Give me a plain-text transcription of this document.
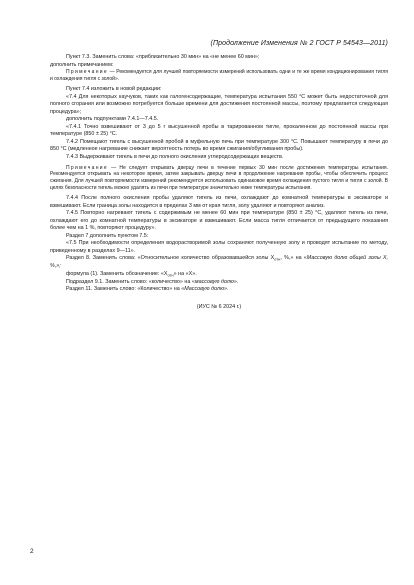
(Продолжение Изменения № 2 ГОСТ Р 54543—2011)

Пункт 7.3. Заменить слова: «приблизительно 30 мин» на «не менее 60 мин»;

дополнить примечанием:

Примечание — Рекомендуется для лучшей повторяемости измерений использовать одни и те же время кондиционирования тигля и охлаждения тигля с золой».

Пункт 7.4 изложить в новой редакции:

«7.4 Для некоторых каучуков, таких как галогенсодержащие, температура испытания 550 °С может быть недостаточной для полного сгорания или возможно потребуется больше времени для достижения постоянной массы, поэтому предлагается следующая процедура»;

дополнить подпунктами 7.4.1—7.4.5.

«7.4.1 Точно взвешивают от 3 до 5 г высушенной пробы в тарированном тигле, прокаленном до постоянной массы при температуре (850 ± 25) °С.

7.4.2 Помещают тигель с высушенной пробой в муфельную печь при температуре 300 °С. Повышают температуру в печи до 850 °С (медленное нагревание снижает вероятность потерь во время сжигания/обугливания пробы).

7.4.3 Выдерживают тигель в печи до полного окисления углеродсодержащих веществ.

Примечание — Не следует открывать дверцу печи в течение первых 30 мин после достижения температуры испытания. Рекомендуется открывать на некоторое время, затем закрывать дверцу печи в продолжение нагревания пробы, чтобы обеспечить процесс сжигания. Для лучшей повторяемости измерений рекомендуется использовать одинаковое время охлаждения пустого тигля и тигля с золой. В целях безопасности тигель можно удалять из печи при температуре значительно ниже температуры испытания.

7.4.4 После полного окисления пробы удаляют тигель из печи, охлаждают до комнатной температуры в эксикаторе и взвешивают. Если граница золы находится в пределах 3 мм от края тигля, золу удаляют и повторяют анализ.

7.4.5 Повторно нагревают тигель с содержимым не менее 60 мин при температуре (850 ± 25) °С, удаляют тигель из печи, охлаждают его до комнатной температуры в эксикаторе и взвешивают. Если масса тигля отличается от предыдущего показания более чем на 1 %, повторяют процедуру».

Раздел 7 дополнить пунктом 7.5:

«7.5 При необходимости определения водорастворимой золы сохраняют полученную золу и проводят испытание по методу, приведенному в разделах 9—11».

Раздел 8. Заменить слова: «Относительное количество образовавшейся золы $X_{отн}$, %,» на «Массовую долю общей золы X, %,»;

формула (1). Заменить обозначение: «$X_{отн}$» на «X».

Подраздел 9.1. Заменить слово: «количество» на «массовую долю».

Раздел 11. Заменить слово: «Количество» на «Массовую долю».

(ИУС № 6 2024 г.)

2
